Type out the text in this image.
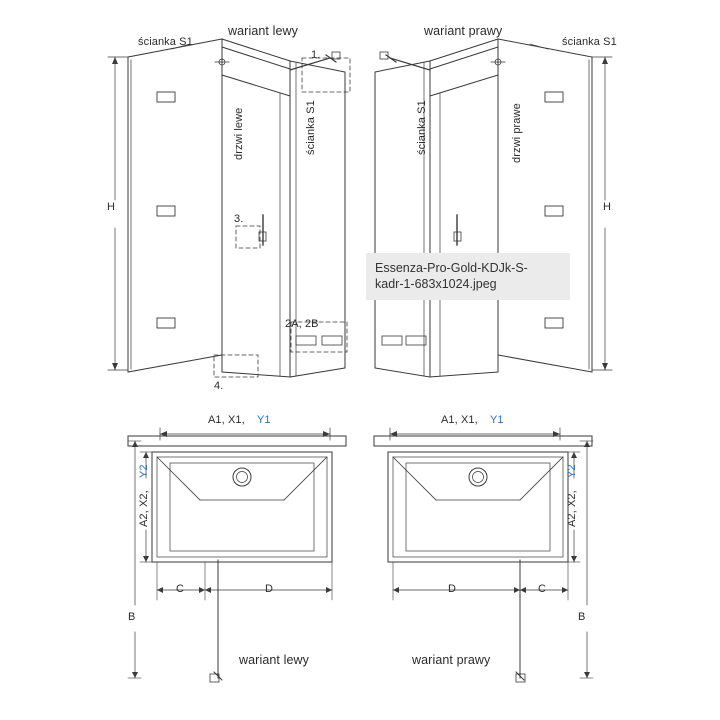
wariant lewy
ścianka S1
drzwi lewe	ścianka S1
H
1.
3.
4.
2A, 2B
wariant prawy
ścianka S1
ścianka S1	drzwi prawe
H
A1, X1, Y1
A2, X2,
Y2
C	D
B
wariant lewy
A1, X1, Y1
A2, X2,
Y2
D	C
B
wariant prawy
Essenza-Pro-Gold-KDJk-S-
kadr-1-683x1024.jpeg
